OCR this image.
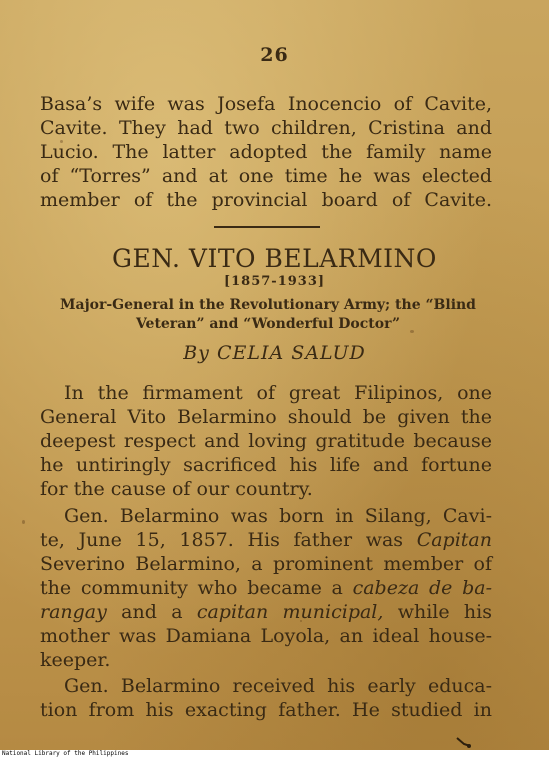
26
Basa’s wife was Josefa Inocencio of Cavite,
Cavite. They had two children, Cristina and
Lucio. The latter adopted the family name
of “Torres” and at one time he was elected
member of the provincial board of Cavite.
GEN. VITO BELARMINO
[1857-1933]
Major-General in the Revolutionary Army; the “Blind
Veteran” and “Wonderful Doctor”
By CELIA SALUD
In the firmament of great Filipinos, one
General Vito Belarmino should be given the
deepest respect and loving gratitude because
he untiringly sacrificed his life and fortune
for the cause of our country.
Gen. Belarmino was born in Silang, Cavi-
te, June 15, 1857. His father was Capitan
Severino Belarmino, a prominent member of
the community who became a cabeza de ba-
rangay and a capitan municipal, while his
mother was Damiana Loyola, an ideal house-
keeper.
Gen. Belarmino received his early educa-
tion from his exacting father. He studied in
National Library of the Philippines
